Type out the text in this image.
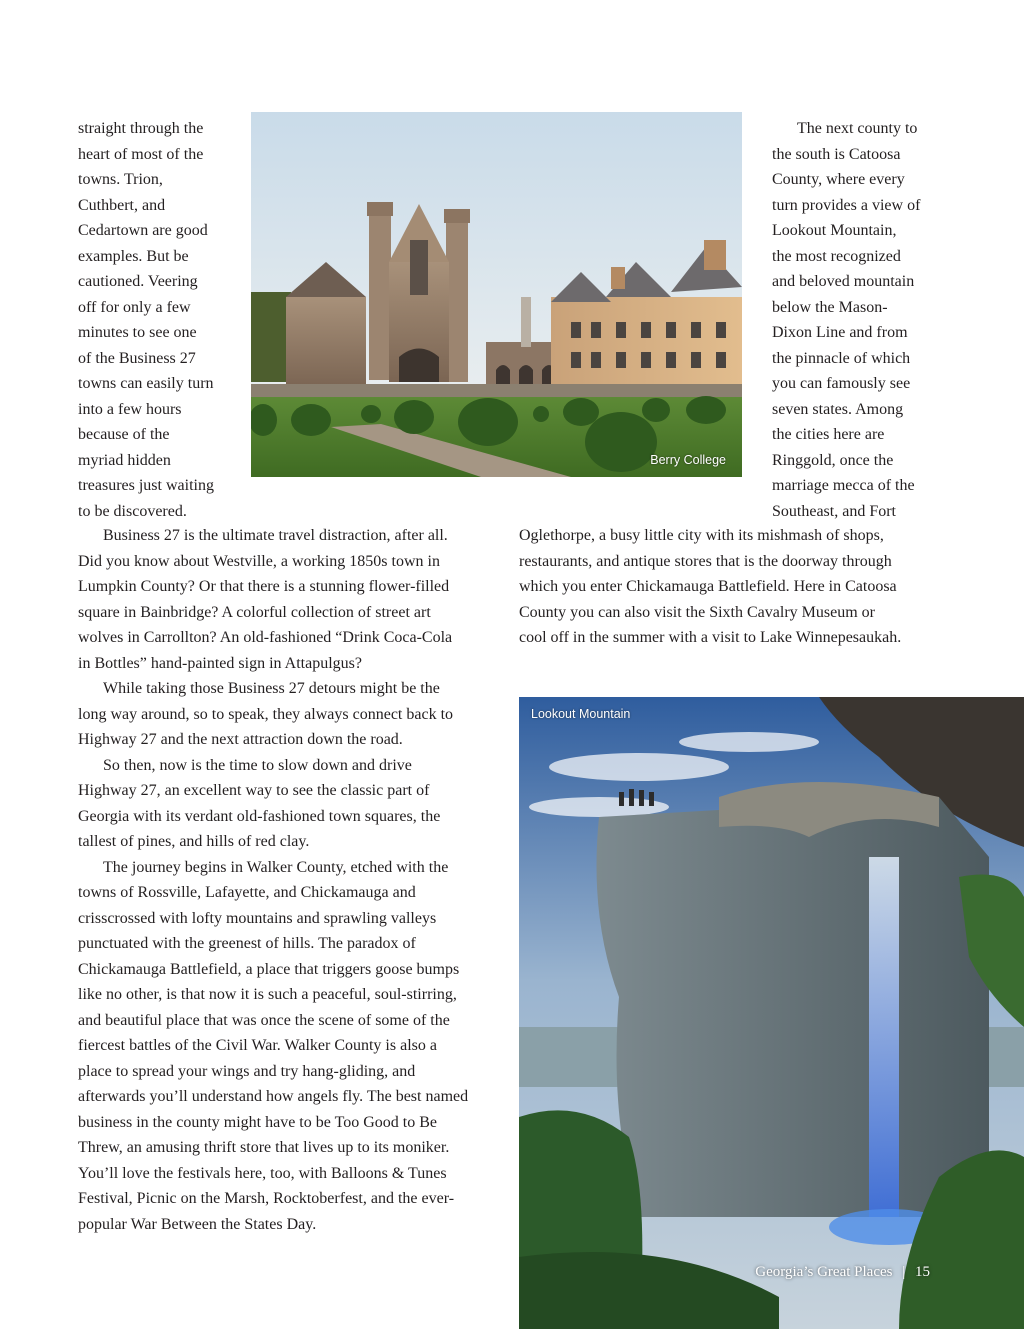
straight through the
heart of most of the
towns. Trion,
Cuthbert, and
Cedartown are good
examples. But be
cautioned. Veering
off for only a few
minutes to see one
of the Business 27
towns can easily turn
into a few hours
because of the
myriad hidden
treasures just waiting
to be discovered.
Berry College
The next county to
the south is Catoosa
County, where every
turn provides a view of
Lookout Mountain,
the most recognized
and beloved mountain
below the Mason-
Dixon Line and from
the pinnacle of which
you can famously see
seven states. Among
the cities here are
Ringgold, once the
marriage mecca of the
Southeast, and Fort
Business 27 is the ultimate travel distraction, after all.
Did you know about Westville, a working 1850s town in
Lumpkin County? Or that there is a stunning flower-filled
square in Bainbridge? A colorful collection of street art
wolves in Carrollton? An old-fashioned “Drink Coca-Cola
in Bottles” hand-painted sign in Attapulgus?
While taking those Business 27 detours might be the
long way around, so to speak, they always connect back to
Highway 27 and the next attraction down the road.
So then, now is the time to slow down and drive
Highway 27, an excellent way to see the classic part of
Georgia with its verdant old-fashioned town squares, the
tallest of pines, and hills of red clay.
The journey begins in Walker County, etched with the
towns of Rossville, Lafayette, and Chickamauga and
crisscrossed with lofty mountains and sprawling valleys
punctuated with the greenest of hills. The paradox of
Chickamauga Battlefield, a place that triggers goose bumps
like no other, is that now it is such a peaceful, soul-stirring,
and beautiful place that was once the scene of some of the
fiercest battles of the Civil War. Walker County is also a
place to spread your wings and try hang-gliding, and
afterwards you’ll understand how angels fly. The best named
business in the county might have to be Too Good to Be
Threw, an amusing thrift store that lives up to its moniker.
You’ll love the festivals here, too, with Balloons & Tunes
Festival, Picnic on the Marsh, Rocktoberfest, and the ever-
popular War Between the States Day.
Oglethorpe, a busy little city with its mishmash of shops,
restaurants, and antique stores that is the doorway through
which you enter Chickamauga Battlefield. Here in Catoosa
County you can also visit the Sixth Cavalry Museum or
cool off in the summer with a visit to Lake Winnepesaukah.
Lookout Mountain
Georgia’s Great Places | 15
